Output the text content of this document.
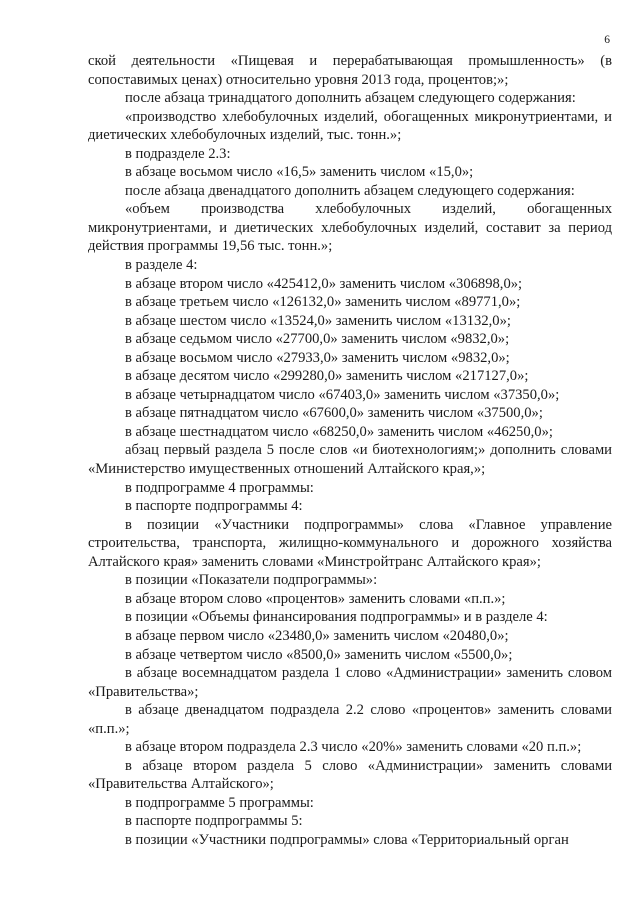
6

ской деятельности «Пищевая и перерабатывающая промышленность» (в сопоставимых ценах) относительно уровня 2013 года, процентов;»;

после абзаца тринадцатого дополнить абзацем следующего содержания:

«производство хлебобулочных изделий, обогащенных микронутриентами, и диетических хлебобулочных изделий, тыс. тонн.»;

в подразделе 2.3:

в абзаце восьмом число «16,5» заменить числом «15,0»;

после абзаца двенадцатого дополнить абзацем следующего содержания:

«объем производства хлебобулочных изделий, обогащенных микронутриентами, и диетических хлебобулочных изделий, составит за период действия программы 19,56 тыс. тонн.»;

в разделе 4:

в абзаце втором число «425412,0» заменить числом «306898,0»;

в абзаце третьем число «126132,0» заменить числом «89771,0»;

в абзаце шестом число «13524,0» заменить числом «13132,0»;

в абзаце седьмом число «27700,0» заменить числом «9832,0»;

в абзаце восьмом число «27933,0» заменить числом «9832,0»;

в абзаце десятом число «299280,0» заменить числом «217127,0»;

в абзаце четырнадцатом число «67403,0» заменить числом «37350,0»;

в абзаце пятнадцатом число «67600,0» заменить числом «37500,0»;

в абзаце шестнадцатом число «68250,0» заменить числом «46250,0»;

абзац первый раздела 5 после слов «и биотехнологиям;» дополнить словами «Министерство имущественных отношений Алтайского края,»;

в подпрограмме 4 программы:

в паспорте подпрограммы 4:

в позиции «Участники подпрограммы» слова «Главное управление строительства, транспорта, жилищно-коммунального и дорожного хозяйства Алтайского края» заменить словами «Минстройтранс Алтайского края»;

в позиции «Показатели подпрограммы»:

в абзаце втором слово «процентов» заменить словами «п.п.»;

в позиции «Объемы финансирования подпрограммы» и в разделе 4:

в абзаце первом число «23480,0» заменить числом «20480,0»;

в абзаце четвертом число «8500,0» заменить числом «5500,0»;

в абзаце восемнадцатом раздела 1 слово «Администрации» заменить словом «Правительства»;

в абзаце двенадцатом подраздела 2.2 слово «процентов» заменить словами «п.п.»;

в абзаце втором подраздела 2.3 число «20%» заменить словами «20 п.п.»;

в абзаце втором раздела 5 слово «Администрации» заменить словами «Правительства Алтайского»;

в подпрограмме 5 программы:

в паспорте подпрограммы 5:

в позиции «Участники подпрограммы» слова «Территориальный орган
